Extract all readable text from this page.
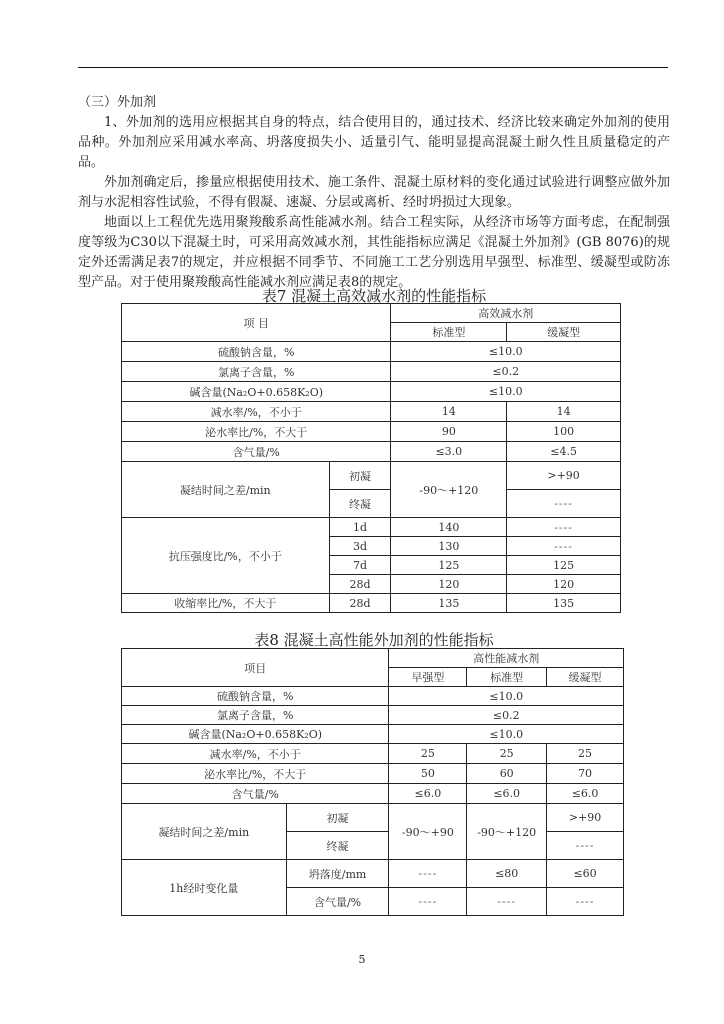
（三）外加剂
1、外加剂的选用应根据其自身的特点，结合使用目的，通过技术、经济比较来确定外加剂的使用品种。外加剂应采用减水率高、坍落度损失小、适量引气、能明显提高混凝土耐久性且质量稳定的产品。
外加剂确定后，掺量应根据使用技术、施工条件、混凝土原材料的变化通过试验进行调整应做外加剂与水泥相容性试验，不得有假凝、速凝、分层或离析、经时坍损过大现象。
地面以上工程优先选用聚羧酸系高性能减水剂。结合工程实际，从经济市场等方面考虑，在配制强度等级为C30以下混凝土时，可采用高效减水剂，其性能指标应满足《混凝土外加剂》(GB 8076)的规定外还需满足表7的规定，并应根据不同季节、不同施工工艺分别选用早强型、标准型、缓凝型或防冻型产品。对于使用聚羧酸高性能减水剂应满足表8的规定。
表7 混凝土高效减水剂的性能指标
项 目		高效减水剂	
		标准型	缓凝型
硫酸钠含量，%		≤10.0	
氯离子含量，%		≤0.2	
碱含量(Na₂O+0.658K₂O)		≤10.0	
减水率/%，不小于		14	14
泌水率比/%，不大于		90	100
含气量/%		≤3.0	≤4.5
凝结时间之差/min	初凝	-90～+120	>+90
	终凝		----
抗压强度比/%，不小于	1d	140	----
	3d	130	----
	7d	125	125
	28d	120	120
收缩率比/%，不大于	28d	135	135
表8 混凝土高性能外加剂的性能指标
项目		高性能减水剂		
		早强型	标准型	缓凝型
硫酸钠含量，%		≤10.0		
氯离子含量，%		≤0.2		
碱含量(Na₂O+0.658K₂O)		≤10.0		
减水率/%，不小于		25	25	25
泌水率比/%，不大于		50	60	70
含气量/%		≤6.0	≤6.0	≤6.0
凝结时间之差/min	初凝	-90～+90	-90～+120	>+90
	终凝			----
1h经时变化量	坍落度/mm	----	≤80	≤60
	含气量/%	----	----	----
5
